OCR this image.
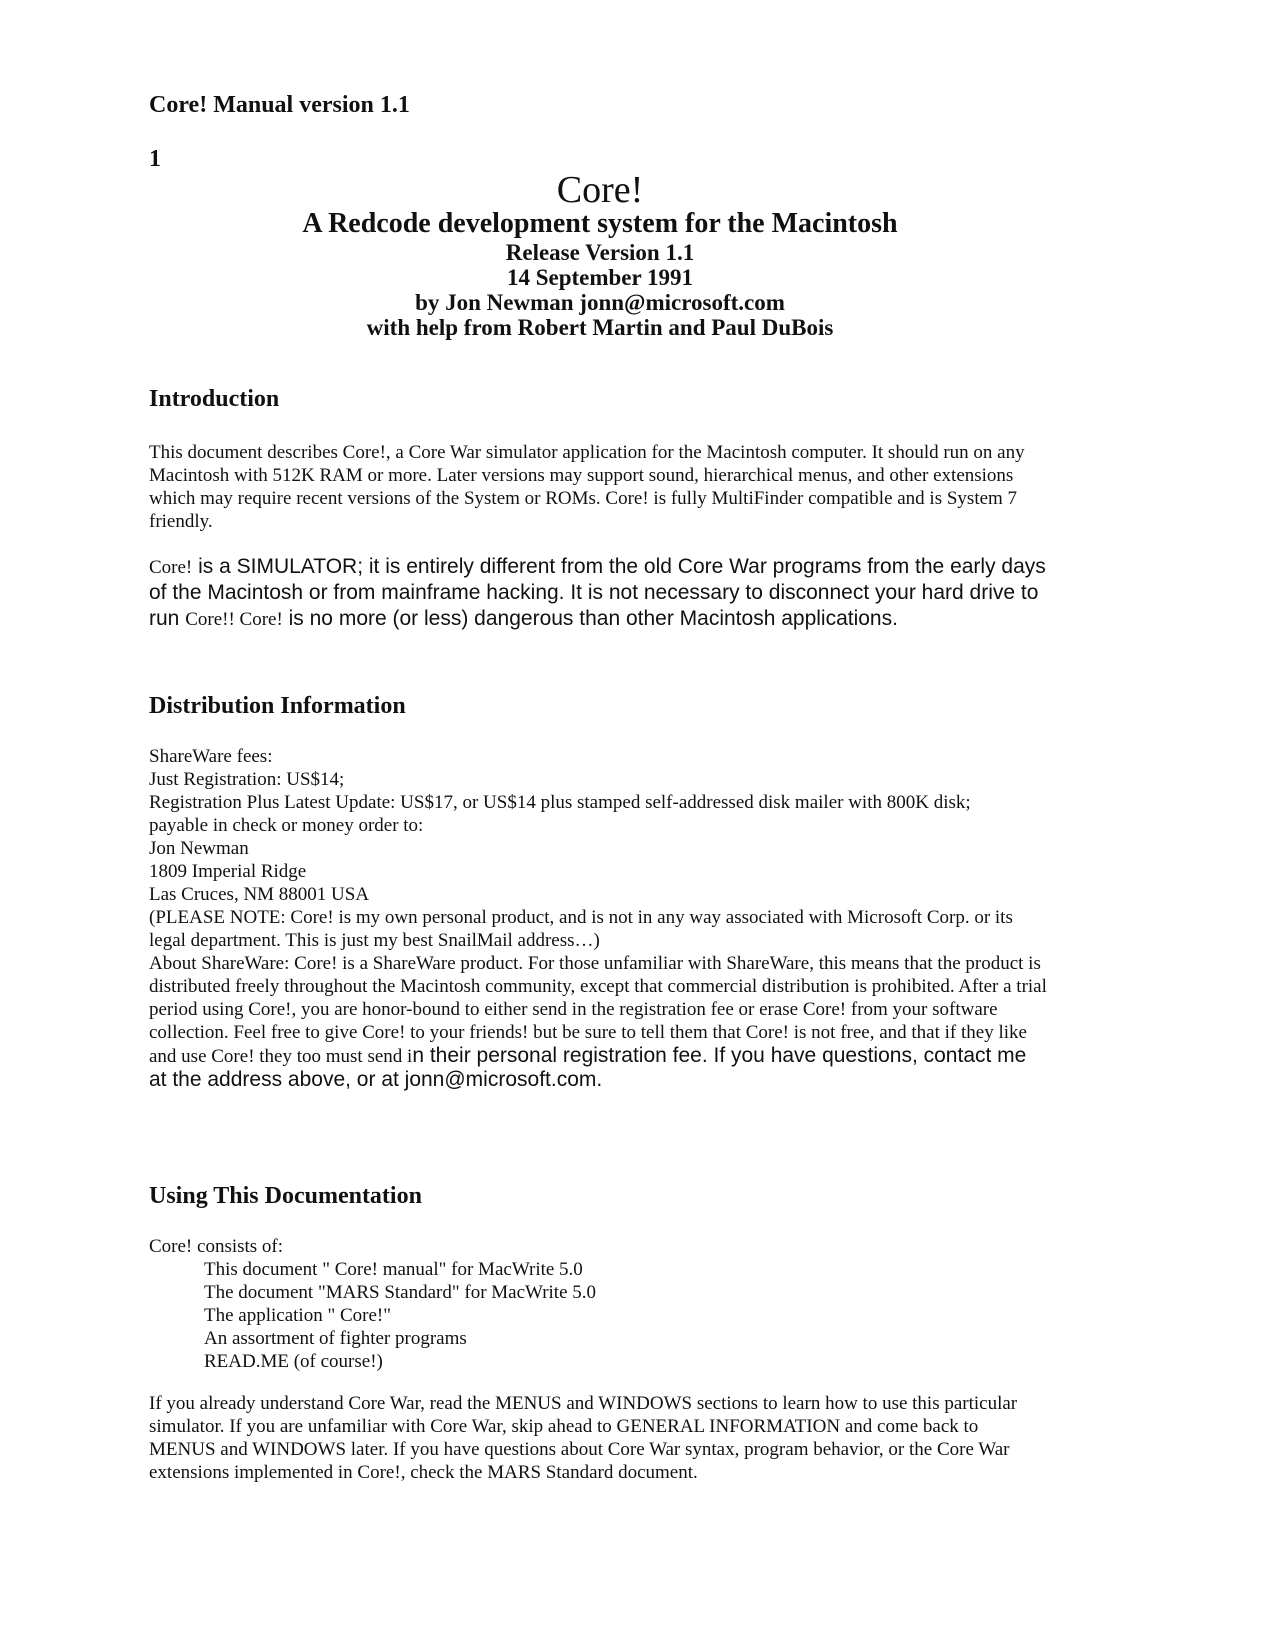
Core! Manual version 1.1

1

Core!

A Redcode development system for the Macintosh

Release Version 1.1

14 September 1991

by Jon Newman jonn@microsoft.com

with help from Robert Martin and Paul DuBois

Introduction

This document describes Core!, a Core War simulator application for the Macintosh computer. It should run on any Macintosh with 512K RAM or more. Later versions may support sound, hierarchical menus, and other extensions which may require recent versions of the System or ROMs. Core! is fully MultiFinder compatible and is System 7 friendly.

Core! is a SIMULATOR; it is entirely different from the old Core War programs from the early days of the Macintosh or from mainframe hacking. It is not necessary to disconnect your hard drive to run Core!! Core! is no more (or less) dangerous than other Macintosh applications.

Distribution Information

ShareWare fees:
Just Registration: US$14;
Registration Plus Latest Update: US$17, or US$14 plus stamped self-addressed disk mailer with 800K disk;
payable in check or money order to:
Jon Newman
1809 Imperial Ridge
Las Cruces, NM 88001 USA
(PLEASE NOTE: Core! is my own personal product, and is not in any way associated with Microsoft Corp. or its legal department. This is just my best SnailMail address…)
About ShareWare: Core! is a ShareWare product. For those unfamiliar with ShareWare, this means that the product is distributed freely throughout the Macintosh community, except that commercial distribution is prohibited. After a trial period using Core!, you are honor-bound to either send in the registration fee or erase Core! from your software collection. Feel free to give Core! to your friends! but be sure to tell them that Core! is not free, and that if they like and use Core! they too must send in their personal registration fee. If you have questions, contact me at the address above, or at jonn@microsoft.com.

Using This Documentation

Core! consists of:

This document " Core! manual" for MacWrite 5.0
The document "MARS Standard" for MacWrite 5.0
The application " Core!"
An assortment of fighter programs
READ.ME (of course!)

If you already understand Core War, read the MENUS and WINDOWS sections to learn how to use this particular simulator. If you are unfamiliar with Core War, skip ahead to GENERAL INFORMATION and come back to MENUS and WINDOWS later. If you have questions about Core War syntax, program behavior, or the Core War extensions implemented in Core!, check the MARS Standard document.
